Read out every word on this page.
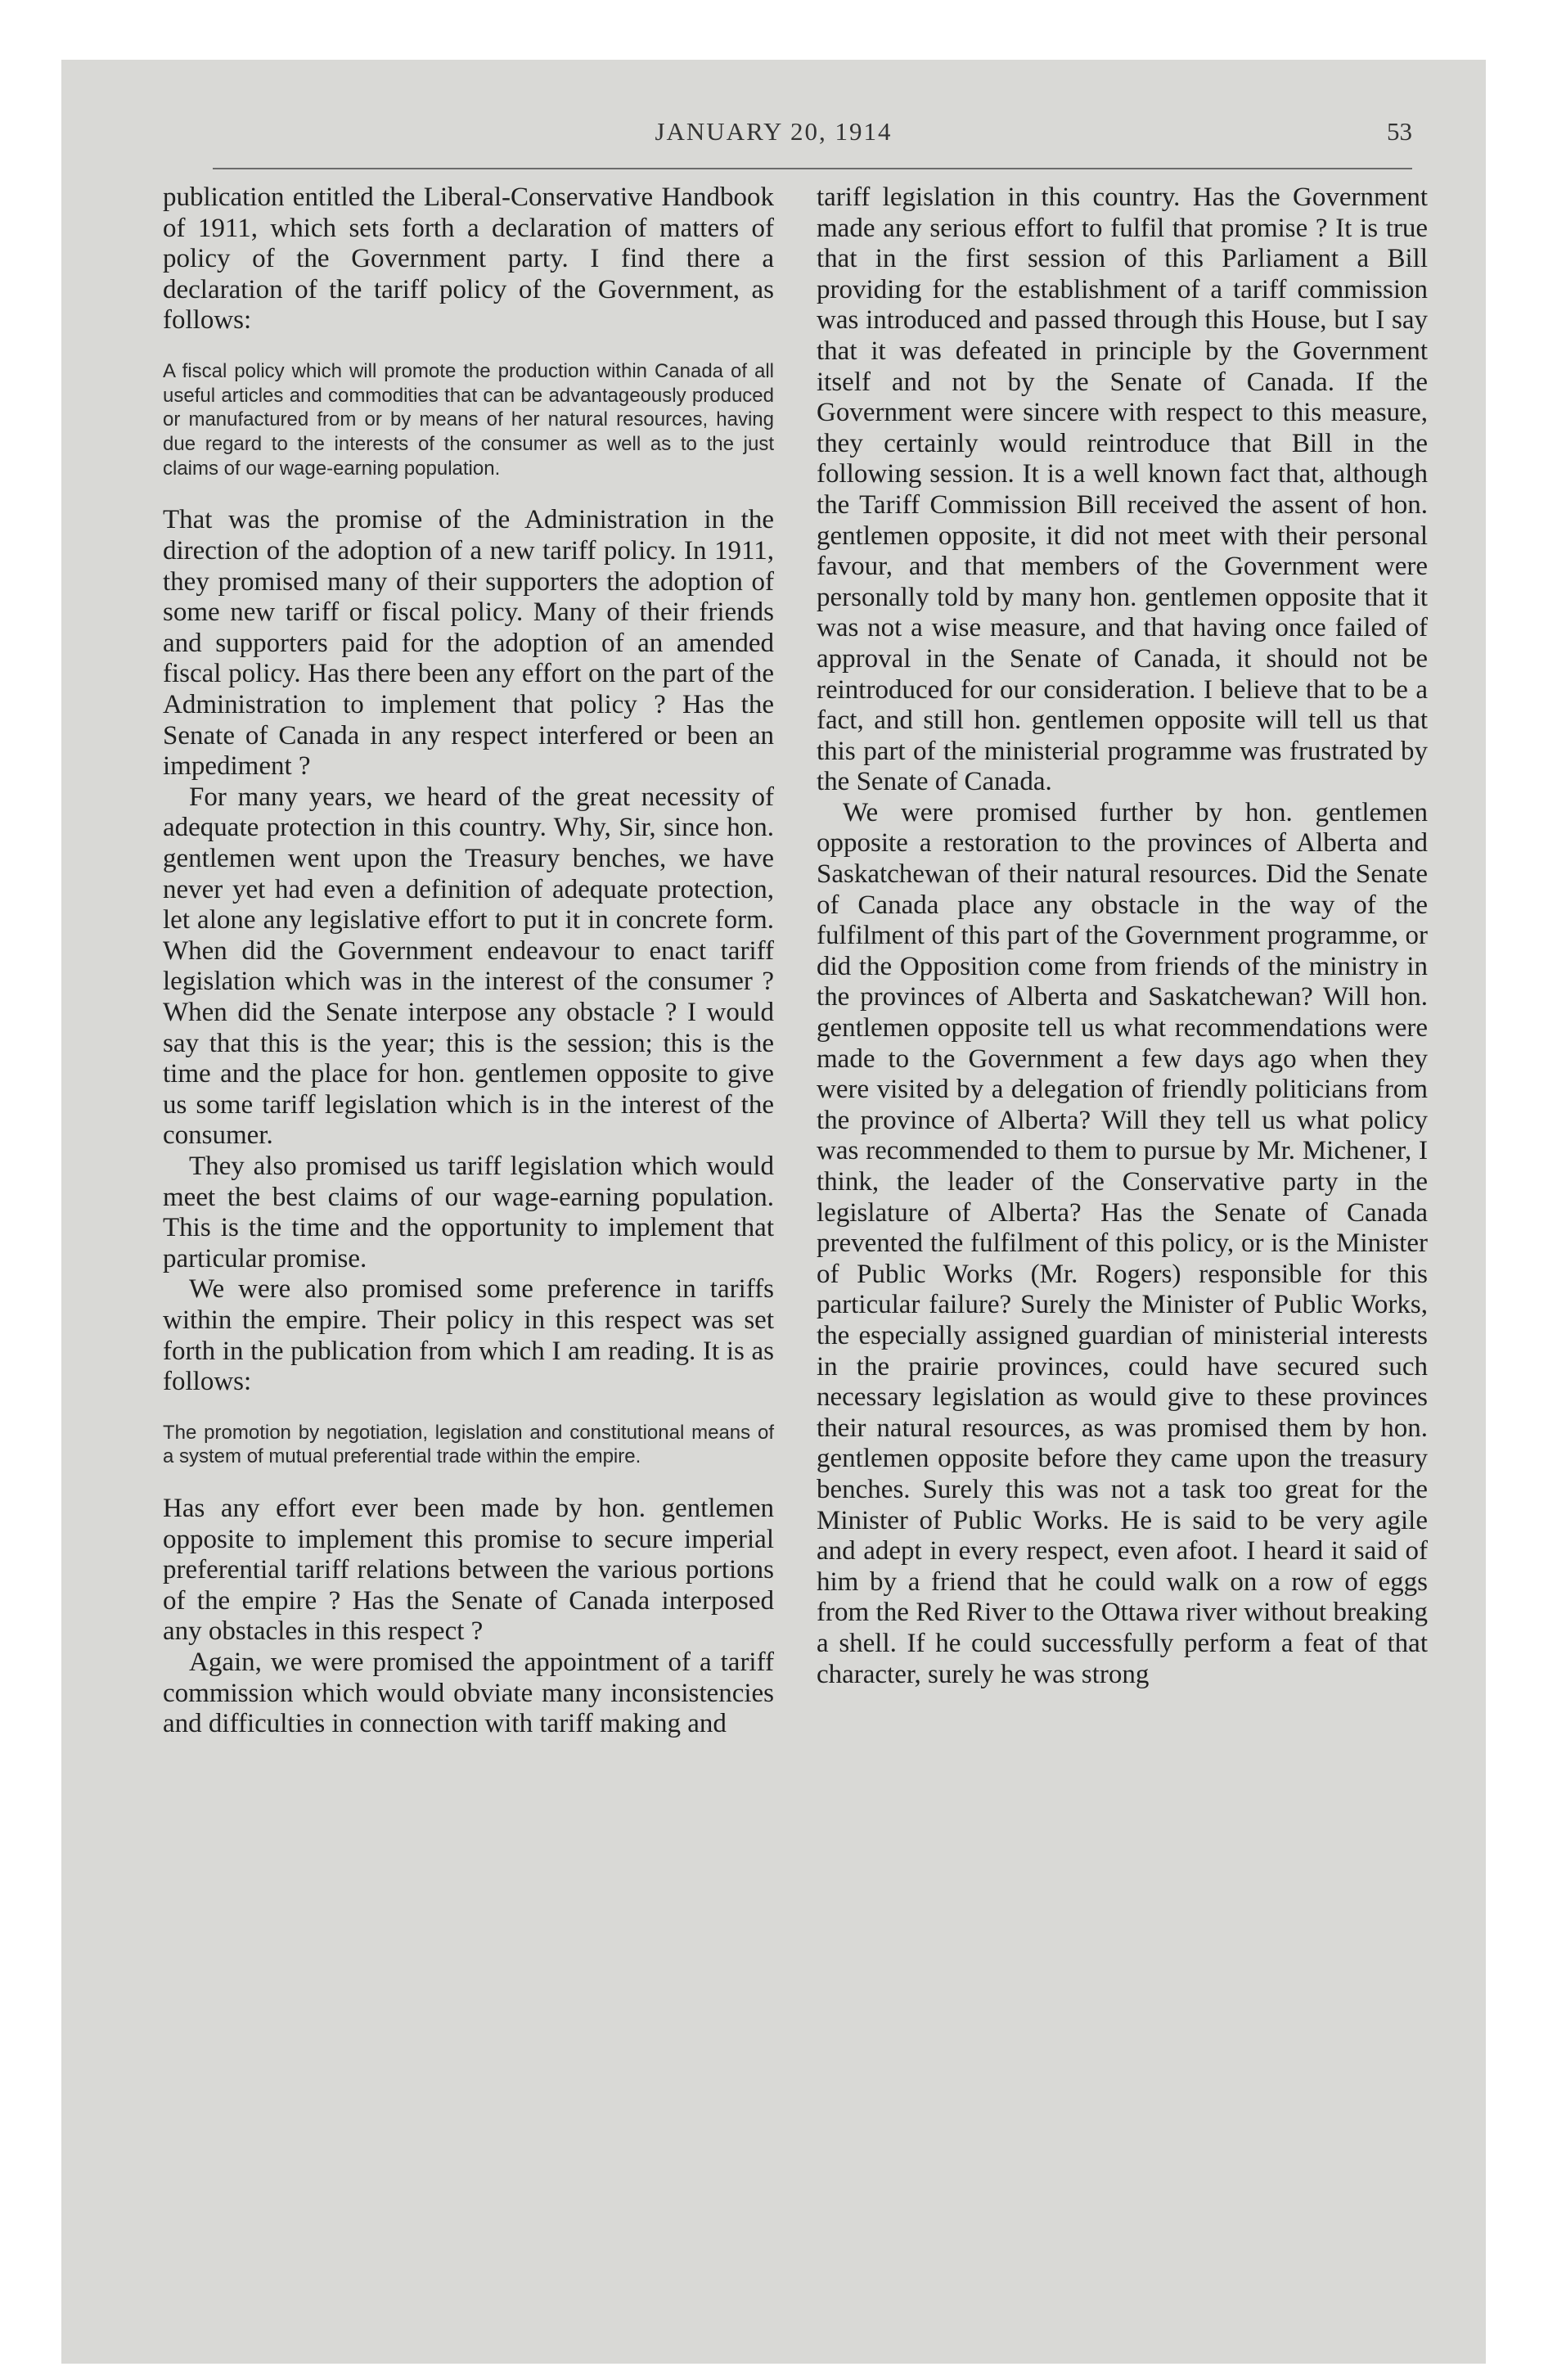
JANUARY 20, 1914	53

publication entitled the Liberal-Conservative Handbook of 1911, which sets forth a declaration of matters of policy of the Government party. I find there a declaration of the tariff policy of the Government, as follows:

A fiscal policy which will promote the production within Canada of all useful articles and commodities that can be advantageously produced or manufactured from or by means of her natural resources, having due regard to the interests of the consumer as well as to the just claims of our wage-earning population.

That was the promise of the Administration in the direction of the adoption of a new tariff policy. In 1911, they promised many of their supporters the adoption of some new tariff or fiscal policy. Many of their friends and supporters paid for the adoption of an amended fiscal policy. Has there been any effort on the part of the Administration to implement that policy ? Has the Senate of Canada in any respect interfered or been an impediment ?

For many years, we heard of the great necessity of adequate protection in this country. Why, Sir, since hon. gentlemen went upon the Treasury benches, we have never yet had even a definition of adequate protection, let alone any legislative effort to put it in concrete form. When did the Government endeavour to enact tariff legislation which was in the interest of the consumer ? When did the Senate interpose any obstacle ? I would say that this is the year; this is the session; this is the time and the place for hon. gentlemen opposite to give us some tariff legislation which is in the interest of the consumer.

They also promised us tariff legislation which would meet the best claims of our wage-earning population. This is the time and the opportunity to implement that particular promise.

We were also promised some preference in tariffs within the empire. Their policy in this respect was set forth in the publication from which I am reading. It is as follows:

The promotion by negotiation, legislation and constitutional means of a system of mutual preferential trade within the empire.

Has any effort ever been made by hon. gentlemen opposite to implement this promise to secure imperial preferential tariff relations between the various portions of the empire ? Has the Senate of Canada interposed any obstacles in this respect ?

Again, we were promised the appointment of a tariff commission which would obviate many inconsistencies and difficulties in connection with tariff making and

tariff legislation in this country. Has the Government made any serious effort to fulfil that promise ? It is true that in the first session of this Parliament a Bill providing for the establishment of a tariff commission was introduced and passed through this House, but I say that it was defeated in principle by the Government itself and not by the Senate of Canada. If the Government were sincere with respect to this measure, they certainly would reintroduce that Bill in the following session. It is a well known fact that, although the Tariff Commission Bill received the assent of hon. gentlemen opposite, it did not meet with their personal favour, and that members of the Government were personally told by many hon. gentlemen opposite that it was not a wise measure, and that having once failed of approval in the Senate of Canada, it should not be reintroduced for our consideration. I believe that to be a fact, and still hon. gentlemen opposite will tell us that this part of the ministerial programme was frustrated by the Senate of Canada.

We were promised further by hon. gentlemen opposite a restoration to the provinces of Alberta and Saskatchewan of their natural resources. Did the Senate of Canada place any obstacle in the way of the fulfilment of this part of the Government programme, or did the Opposition come from friends of the ministry in the provinces of Alberta and Saskatchewan? Will hon. gentlemen opposite tell us what recommendations were made to the Government a few days ago when they were visited by a delegation of friendly politicians from the province of Alberta? Will they tell us what policy was recommended to them to pursue by Mr. Michener, I think, the leader of the Conservative party in the legislature of Alberta? Has the Senate of Canada prevented the fulfilment of this policy, or is the Minister of Public Works (Mr. Rogers) responsible for this particular failure? Surely the Minister of Public Works, the especially assigned guardian of ministerial interests in the prairie provinces, could have secured such necessary legislation as would give to these provinces their natural resources, as was promised them by hon. gentlemen opposite before they came upon the treasury benches. Surely this was not a task too great for the Minister of Public Works. He is said to be very agile and adept in every respect, even afoot. I heard it said of him by a friend that he could walk on a row of eggs from the Red River to the Ottawa river without breaking a shell. If he could successfully perform a feat of that character, surely he was strong
